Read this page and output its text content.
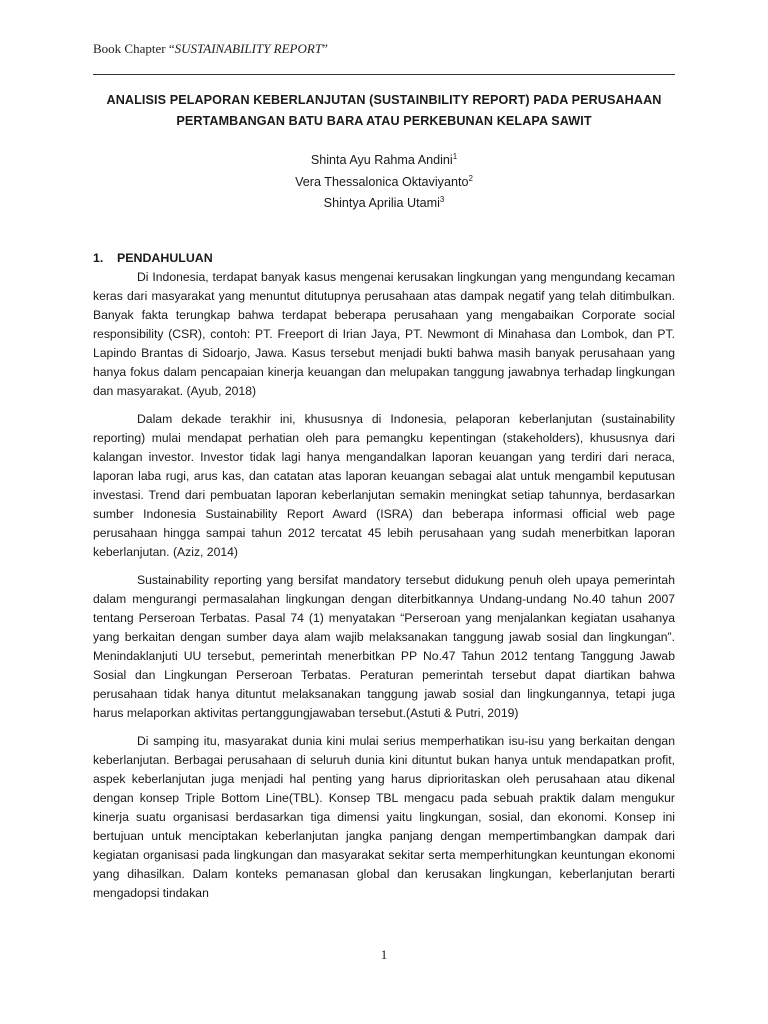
Book Chapter “SUSTAINABILITY REPORT”
ANALISIS PELAPORAN KEBERLANJUTAN (SUSTAINBILITY REPORT) PADA PERUSAHAAN
PERTAMBANGAN BATU BARA ATAU PERKEBUNAN KELAPA SAWIT
Shinta Ayu Rahma Andini$^1$
Vera Thessalonica Oktaviyanto$^2$
Shintya Aprilia Utami$^3$
1. PENDAHULUAN

Di Indonesia, terdapat banyak kasus mengenai kerusakan lingkungan yang mengundang kecaman keras dari masyarakat yang menuntut ditutupnya perusahaan atas dampak negatif yang telah ditimbulkan. Banyak fakta terungkap bahwa terdapat beberapa perusahaan yang mengabaikan Corporate social responsibility (CSR), contoh: PT. Freeport di Irian Jaya, PT. Newmont di Minahasa dan Lombok, dan PT. Lapindo Brantas di Sidoarjo, Jawa. Kasus tersebut menjadi bukti bahwa masih banyak perusahaan yang hanya fokus dalam pencapaian kinerja keuangan dan melupakan tanggung jawabnya terhadap lingkungan dan masyarakat. (Ayub, 2018)

Dalam dekade terakhir ini, khususnya di Indonesia, pelaporan keberlanjutan (sustainability reporting) mulai mendapat perhatian oleh para pemangku kepentingan (stakeholders), khususnya dari kalangan investor. Investor tidak lagi hanya mengandalkan laporan keuangan yang terdiri dari neraca, laporan laba rugi, arus kas, dan catatan atas laporan keuangan sebagai alat untuk mengambil keputusan investasi. Trend dari pembuatan laporan keberlanjutan semakin meningkat setiap tahunnya, berdasarkan sumber Indonesia Sustainability Report Award (ISRA) dan beberapa informasi official web page perusahaan hingga sampai tahun 2012 tercatat 45 lebih perusahaan yang sudah menerbitkan laporan keberlanjutan. (Aziz, 2014)

Sustainability reporting yang bersifat mandatory tersebut didukung penuh oleh upaya pemerintah dalam mengurangi permasalahan lingkungan dengan diterbitkannya Undang-undang No.40 tahun 2007 tentang Perseroan Terbatas. Pasal 74 (1) menyatakan “Perseroan yang menjalankan kegiatan usahanya yang berkaitan dengan sumber daya alam wajib melaksanakan tanggung jawab sosial dan lingkungan”. Menindaklanjuti UU tersebut, pemerintah menerbitkan PP No.47 Tahun 2012 tentang Tanggung Jawab Sosial dan Lingkungan Perseroan Terbatas. Peraturan pemerintah tersebut dapat diartikan bahwa perusahaan tidak hanya dituntut melaksanakan tanggung jawab sosial dan lingkungannya, tetapi juga harus melaporkan aktivitas pertanggungjawaban tersebut.(Astuti & Putri, 2019)

Di samping itu, masyarakat dunia kini mulai serius memperhatikan isu-isu yang berkaitan dengan keberlanjutan. Berbagai perusahaan di seluruh dunia kini dituntut bukan hanya untuk mendapatkan profit, aspek keberlanjutan juga menjadi hal penting yang harus diprioritaskan oleh perusahaan atau dikenal dengan konsep Triple Bottom Line(TBL). Konsep TBL mengacu pada sebuah praktik dalam mengukur kinerja suatu organisasi berdasarkan tiga dimensi yaitu lingkungan, sosial, dan ekonomi. Konsep ini bertujuan untuk menciptakan keberlanjutan jangka panjang dengan mempertimbangkan dampak dari kegiatan organisasi pada lingkungan dan masyarakat sekitar serta memperhitungkan keuntungan ekonomi yang dihasilkan. Dalam konteks pemanasan global dan kerusakan lingkungan, keberlanjutan berarti mengadopsi tindakan

1
